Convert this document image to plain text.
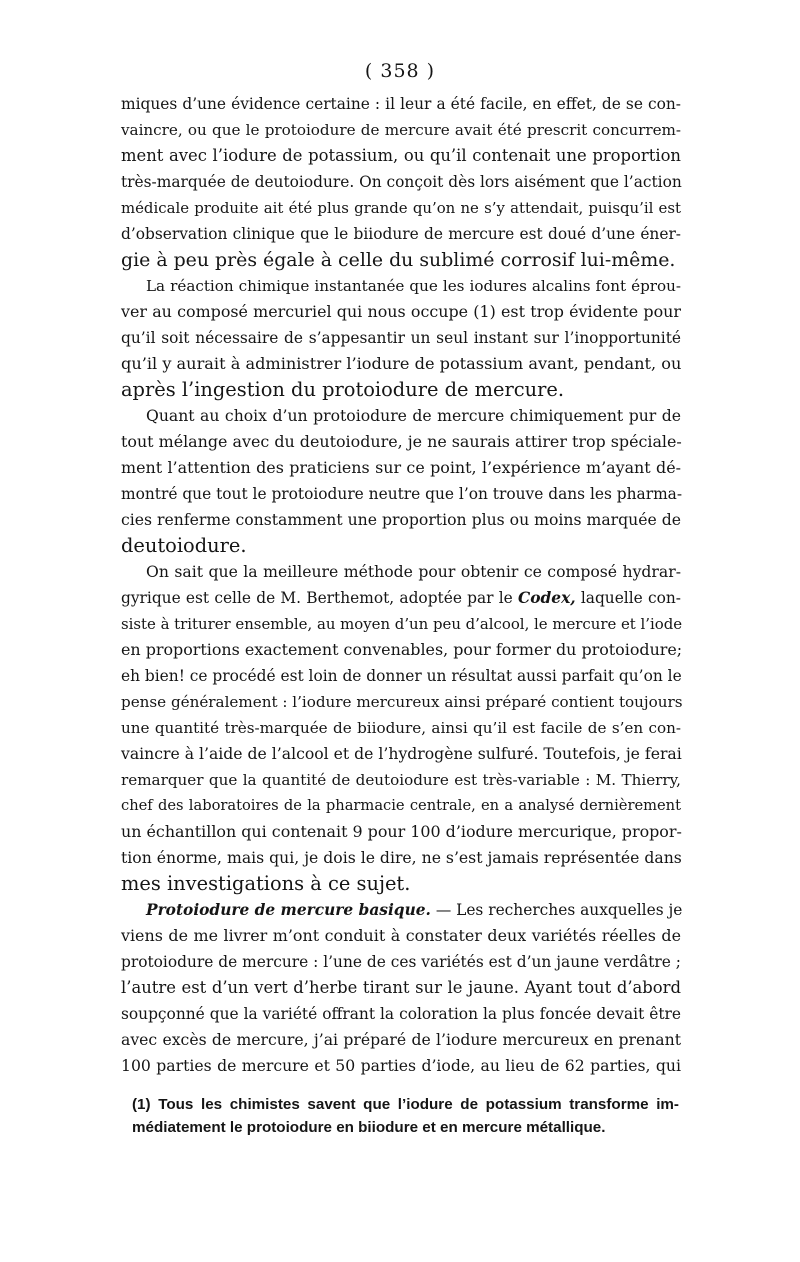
( 358 )
miques d’une évidence certaine : il leur a été facile, en effet, de se con-
vaincre, ou que le protoiodure de mercure avait été prescrit concurrem-
ment avec l’iodure de potassium, ou qu’il contenait une proportion
très-marquée de deutoiodure. On conçoit dès lors aisément que l’action
médicale produite ait été plus grande qu’on ne s’y attendait, puisqu’il est
d’observation clinique que le biiodure de mercure est doué d’une éner-
gie à peu près égale à celle du sublimé corrosif lui-même.
La réaction chimique instantanée que les iodures alcalins font éprou-
ver au composé mercuriel qui nous occupe (1) est trop évidente pour
qu’il soit nécessaire de s’appesantir un seul instant sur l’inopportunité
qu’il y aurait à administrer l’iodure de potassium avant, pendant, ou
après l’ingestion du protoiodure de mercure.
Quant au choix d’un protoiodure de mercure chimiquement pur de
tout mélange avec du deutoiodure, je ne saurais attirer trop spéciale-
ment l’attention des praticiens sur ce point, l’expérience m’ayant dé-
montré que tout le protoiodure neutre que l’on trouve dans les pharma-
cies renferme constamment une proportion plus ou moins marquée de
deutoiodure.
On sait que la meilleure méthode pour obtenir ce composé hydrar-
gyrique est celle de M. Berthemot, adoptée par le Codex, laquelle con-
siste à triturer ensemble, au moyen d’un peu d’alcool, le mercure et l’iode
en proportions exactement convenables, pour former du protoiodure;
eh bien! ce procédé est loin de donner un résultat aussi parfait qu’on le
pense généralement : l’iodure mercureux ainsi préparé contient toujours
une quantité très-marquée de biiodure, ainsi qu’il est facile de s’en con-
vaincre à l’aide de l’alcool et de l’hydrogène sulfuré. Toutefois, je ferai
remarquer que la quantité de deutoiodure est très-variable : M. Thierry,
chef des laboratoires de la pharmacie centrale, en a analysé dernièrement
un échantillon qui contenait 9 pour 100 d’iodure mercurique, propor-
tion énorme, mais qui, je dois le dire, ne s’est jamais représentée dans
mes investigations à ce sujet.
Protoiodure de mercure basique. — Les recherches auxquelles je
viens de me livrer m’ont conduit à constater deux variétés réelles de
protoiodure de mercure : l’une de ces variétés est d’un jaune verdâtre ;
l’autre est d’un vert d’herbe tirant sur le jaune. Ayant tout d’abord
soupçonné que la variété offrant la coloration la plus foncée devait être
avec excès de mercure, j’ai préparé de l’iodure mercureux en prenant
100 parties de mercure et 50 parties d’iode, au lieu de 62 parties, qui
(1) Tous les chimistes savent que l’iodure de potassium transforme im-
médiatement le protoiodure en biiodure et en mercure métallique.
